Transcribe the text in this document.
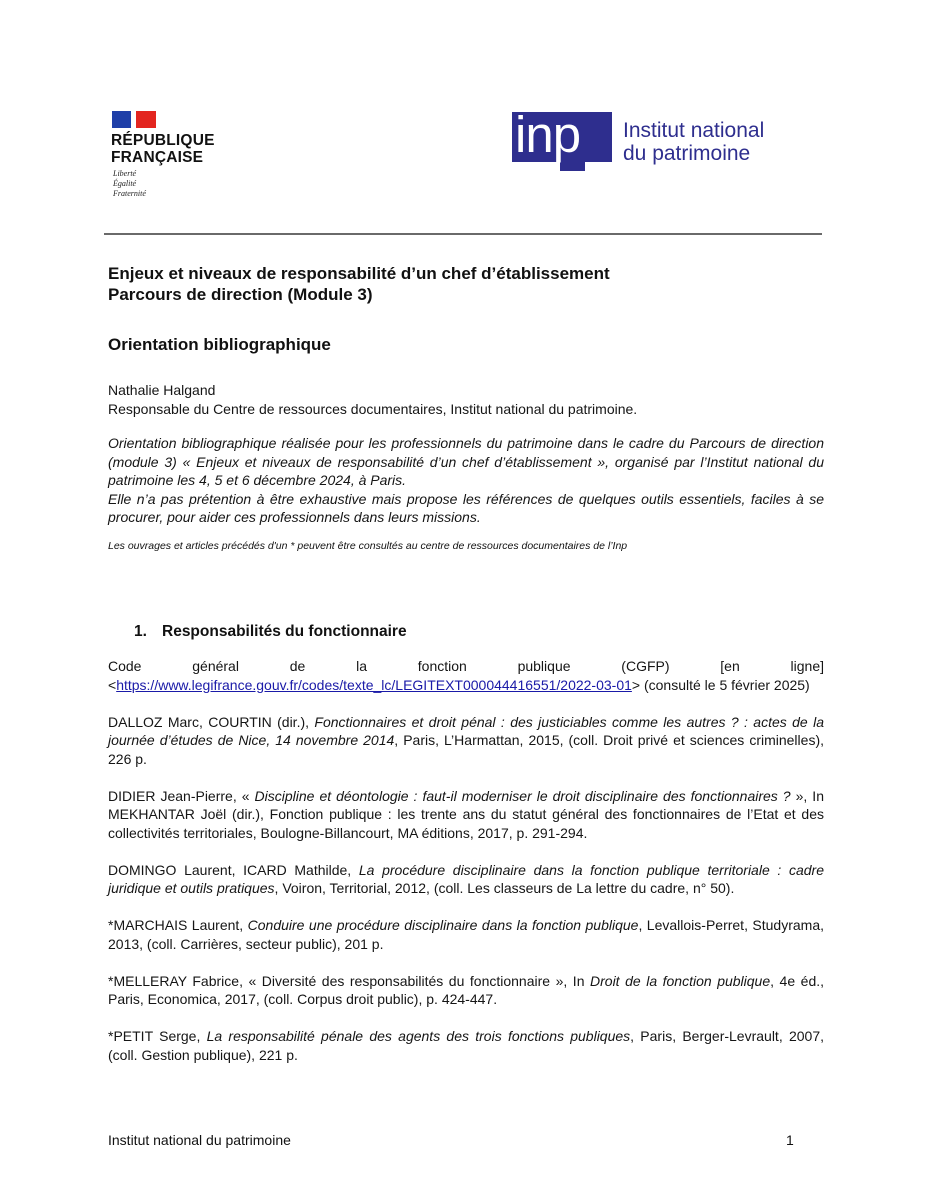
RÉPUBLIQUE
FRANÇAISE
Liberté
Égalité
Fraternité
inp Institut national
du patrimoine
Enjeux et niveaux de responsabilité d’un chef d’établissement
Parcours de direction (Module 3)
Orientation bibliographique
Nathalie Halgand
Responsable du Centre de ressources documentaires, Institut national du patrimoine.
Orientation bibliographique réalisée pour les professionnels du patrimoine dans le cadre du Parcours de direction (module 3) « Enjeux et niveaux de responsabilité d’un chef d’établissement », organisé par l’Institut national du patrimoine les 4, 5 et 6 décembre 2024, à Paris.
Elle n’a pas prétention à être exhaustive mais propose les références de quelques outils essentiels, faciles à se procurer, pour aider ces professionnels dans leurs missions.
Les ouvrages et articles précédés d'un * peuvent être consultés au centre de ressources documentaires de l’Inp
1. Responsabilités du fonctionnaire

Code général de la fonction publique (CGFP) [en ligne] <https://www.legifrance.gouv.fr/codes/texte_lc/LEGITEXT000044416551/2022-03-01> (consulté le 5 février 2025)

DALLOZ Marc, COURTIN (dir.), Fonctionnaires et droit pénal : des justiciables comme les autres ? : actes de la journée d’études de Nice, 14 novembre 2014, Paris, L’Harmattan, 2015, (coll. Droit privé et sciences criminelles), 226 p.

DIDIER Jean-Pierre, « Discipline et déontologie : faut-il moderniser le droit disciplinaire des fonctionnaires ? », In MEKHANTAR Joël (dir.), Fonction publique : les trente ans du statut général des fonctionnaires de l’Etat et des collectivités territoriales, Boulogne-Billancourt, MA éditions, 2017, p. 291-294.

DOMINGO Laurent, ICARD Mathilde, La procédure disciplinaire dans la fonction publique territoriale : cadre juridique et outils pratiques, Voiron, Territorial, 2012, (coll. Les classeurs de La lettre du cadre, n° 50).

*MARCHAIS Laurent, Conduire une procédure disciplinaire dans la fonction publique, Levallois-Perret, Studyrama, 2013, (coll. Carrières, secteur public), 201 p.

*MELLERAY Fabrice, « Diversité des responsabilités du fonctionnaire », In Droit de la fonction publique, 4e éd., Paris, Economica, 2017, (coll. Corpus droit public), p. 424-447.

*PETIT Serge, La responsabilité pénale des agents des trois fonctions publiques, Paris, Berger-Levrault, 2007, (coll. Gestion publique), 221 p.

Institut national du patrimoine	1
